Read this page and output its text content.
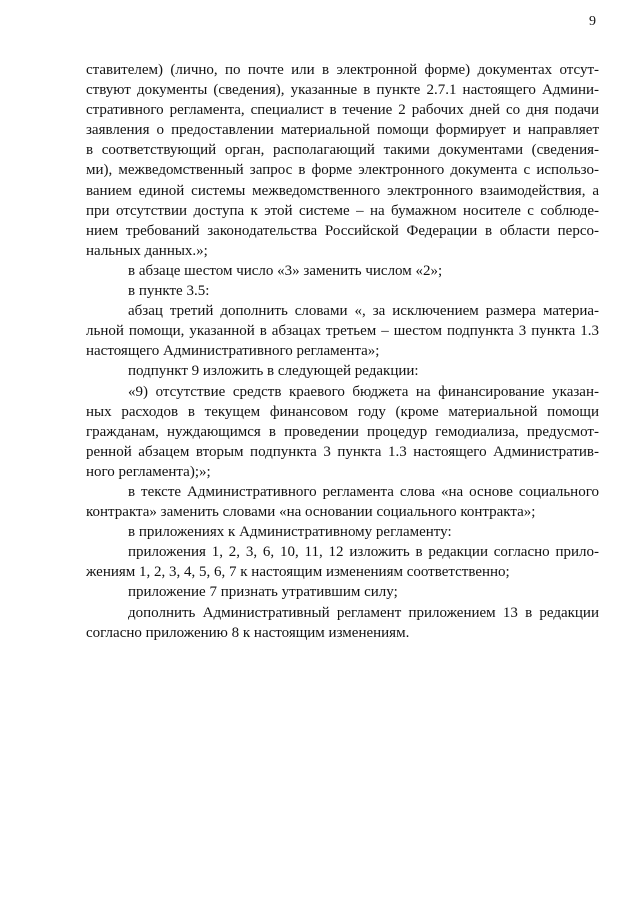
9
ставителем) (лично, по почте или в электронной форме) документах отсут-
ствуют документы (сведения), указанные в пункте 2.7.1 настоящего Админи-
стративного регламента, специалист в течение 2 рабочих дней со дня подачи
заявления о предоставлении материальной помощи формирует и направляет
в соответствующий орган, располагающий такими документами (сведения-
ми), межведомственный запрос в форме электронного документа с использо-
ванием единой системы межведомственного электронного взаимодействия, а
при отсутствии доступа к этой системе – на бумажном носителе с соблюде-
нием требований законодательства Российской Федерации в области персо-
нальных данных.»;
в абзаце шестом число «3» заменить числом «2»;
в пункте 3.5:
абзац третий дополнить словами «, за исключением размера материа-
льной помощи, указанной в абзацах третьем – шестом подпункта 3 пункта 1.3
настоящего Административного регламента»;
подпункт 9 изложить в следующей редакции:
«9) отсутствие средств краевого бюджета на финансирование указан-
ных расходов в текущем финансовом году (кроме материальной помощи
гражданам, нуждающимся в проведении процедур гемодиализа, предусмот-
ренной абзацем вторым подпункта 3 пункта 1.3 настоящего Административ-
ного регламента);»;
в тексте Административного регламента слова «на основе социального
контракта» заменить словами «на основании социального контракта»;
в приложениях к Административному регламенту:
приложения 1, 2, 3, 6, 10, 11, 12 изложить в редакции согласно прило-
жениям 1, 2, 3, 4, 5, 6, 7 к настоящим изменениям соответственно;
приложение 7 признать утратившим силу;
дополнить Административный регламент приложением 13 в редакции
согласно приложению 8 к настоящим изменениям.
